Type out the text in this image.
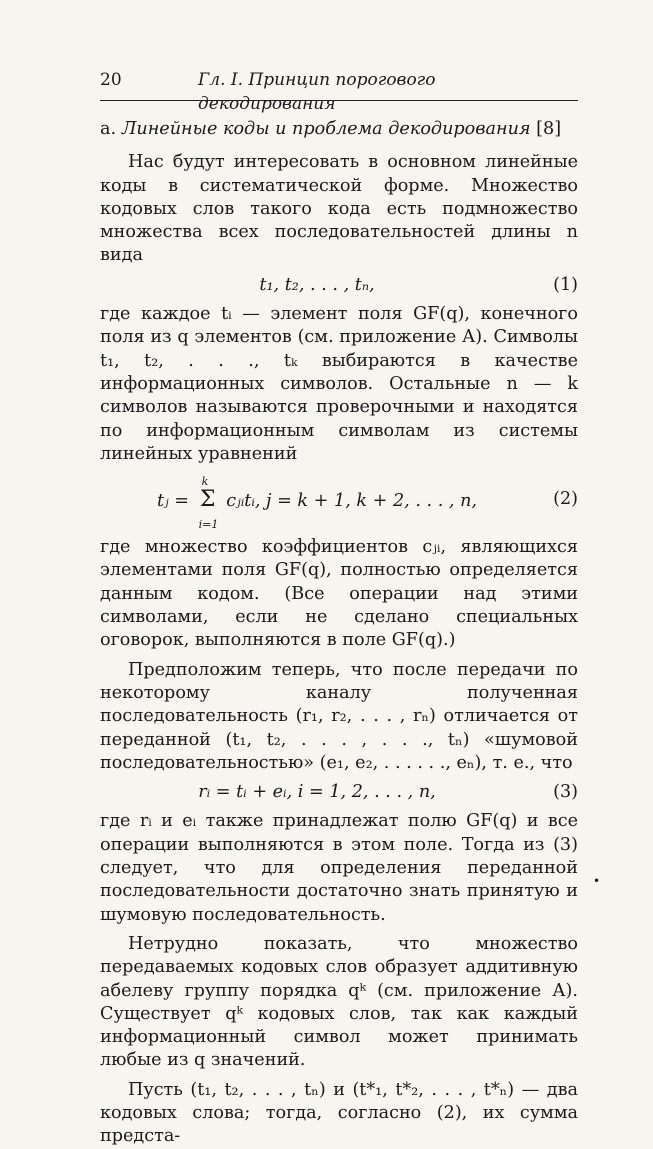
20	Гл. I. Принцип порогового декодирования

а. Линейные коды и проблема декодирования [8]

Нас будут интересовать в основном линейные коды в систематической форме. Множество кодовых слов такого кода есть подмножество множества всех последовательностей длины n вида

t₁, t₂, . . . , tₙ,	(1)

где каждое tᵢ — элемент поля GF(q), конечного поля из q элементов (см. приложение А). Символы t₁, t₂, . . ., tₖ выбираются в качестве информационных символов. Остальные n — k символов называются проверочными и находятся по информационным символам из системы линейных уравнений

tⱼ =
k
Σ
i=1
cⱼᵢtᵢ, j = k + 1, k + 2, . . . , n,	(2)

где множество коэффициентов cⱼᵢ, являющихся элементами поля GF(q), полностью определяется данным кодом. (Все операции над этими символами, если не сделано специальных оговорок, выполняются в поле GF(q).)

Предположим теперь, что после передачи по некоторому каналу полученная последовательность (r₁, r₂, . . . , rₙ) отличается от переданной (t₁, t₂, . . . , . . ., tₙ) «шумовой последовательностью» (e₁, e₂, . . . . . ., eₙ), т. е., что

rᵢ = tᵢ + eᵢ, i = 1, 2, . . . , n,	(3)

где rᵢ и eᵢ также принадлежат полю GF(q) и все операции выполняются в этом поле. Тогда из (3) следует, что для определения переданной последовательности достаточно знать принятую и шумовую последовательность.

Нетрудно показать, что множество передаваемых кодовых слов образует аддитивную абелеву группу порядка qᵏ (см. приложение А). Существует qᵏ кодовых слов, так как каждый информационный символ может принимать любые из q значений.

Пусть (t₁, t₂, . . . , tₙ) и (t*₁, t*₂, . . . , t*ₙ) — два кодовых слова; тогда, согласно (2), их сумма предста-

•
